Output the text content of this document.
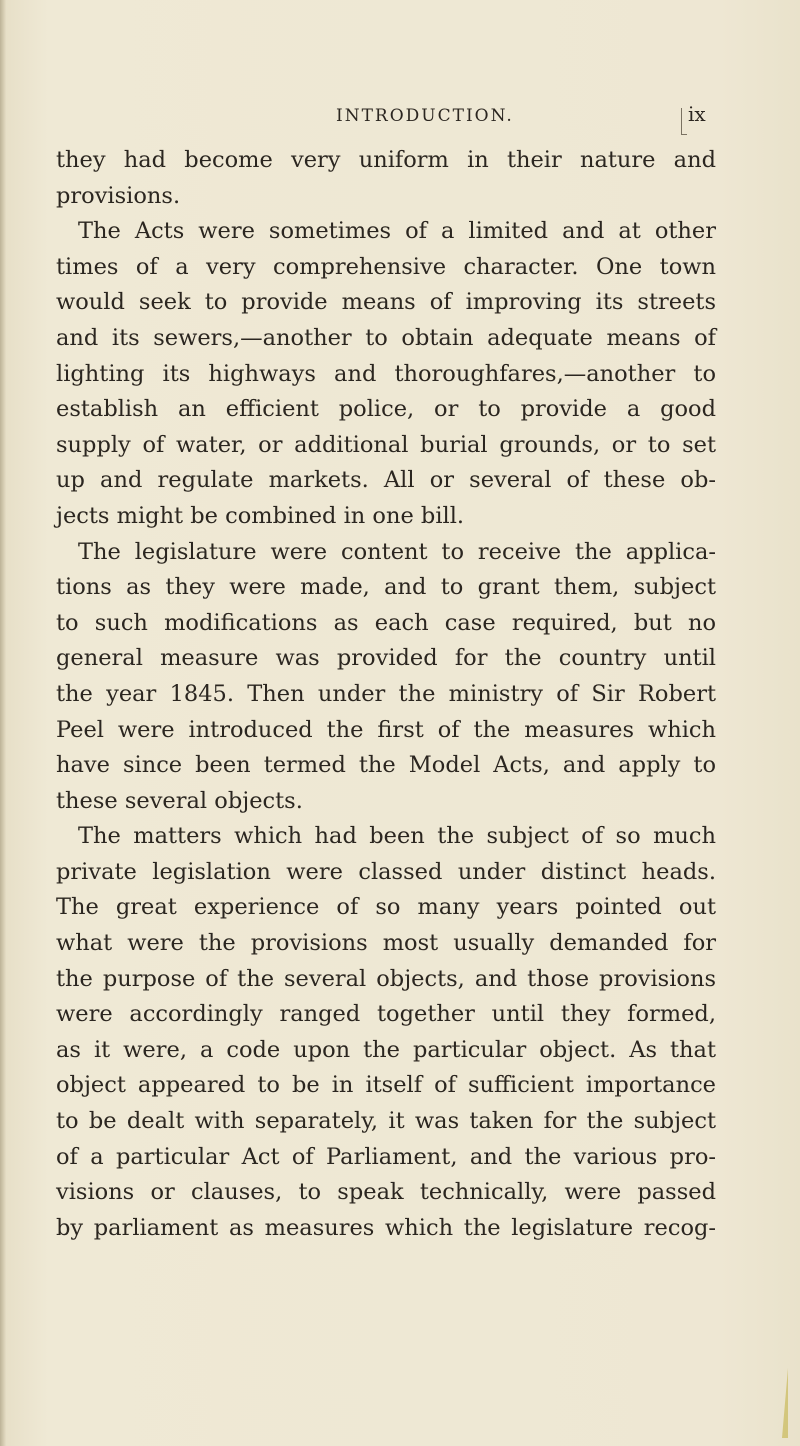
INTRODUCTION.	ix
they had become very uniform in their nature and
provisions.
The Acts were sometimes of a limited and at other
times of a very comprehensive character. One town
would seek to provide means of improving its streets
and its sewers,—another to obtain adequate means of
lighting its highways and thoroughfares,—another to
establish an efficient police, or to provide a good
supply of water, or additional burial grounds, or to set
up and regulate markets. All or several of these ob-
jects might be combined in one bill.
The legislature were content to receive the applica-
tions as they were made, and to grant them, subject
to such modifications as each case required, but no
general measure was provided for the country until
the year 1845. Then under the ministry of Sir Robert
Peel were introduced the first of the measures which
have since been termed the Model Acts, and apply to
these several objects.
The matters which had been the subject of so much
private legislation were classed under distinct heads.
The great experience of so many years pointed out
what were the provisions most usually demanded for
the purpose of the several objects, and those provisions
were accordingly ranged together until they formed,
as it were, a code upon the particular object. As that
object appeared to be in itself of sufficient importance
to be dealt with separately, it was taken for the subject
of a particular Act of Parliament, and the various pro-
visions or clauses, to speak technically, were passed
by parliament as measures which the legislature recog-
